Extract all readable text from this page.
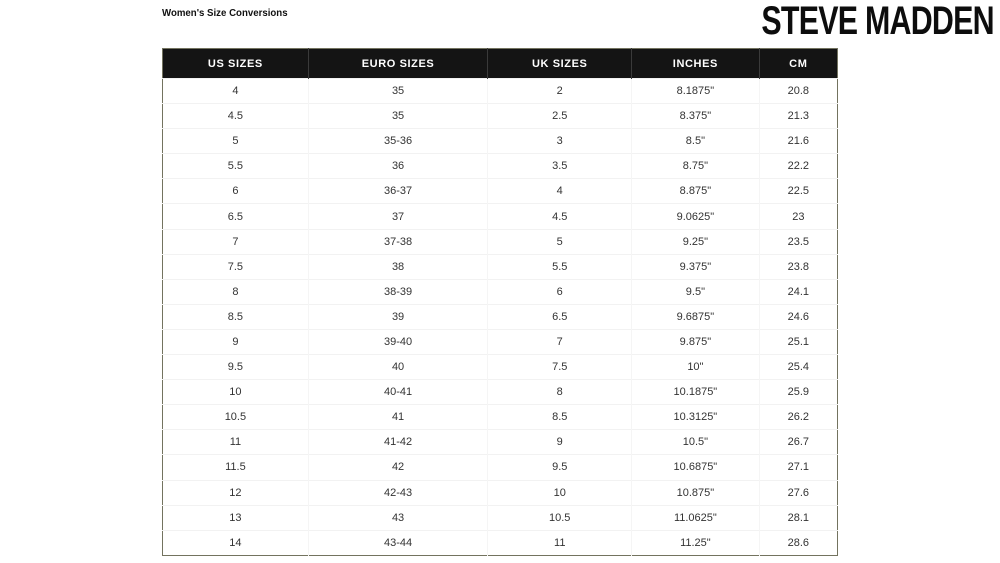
Women's Size Conversions	STEVE MADDEN
US SIZES	EURO SIZES	UK SIZES	INCHES	CM
4	35	2	8.1875"	20.8
4.5	35	2.5	8.375"	21.3
5	35-36	3	8.5"	21.6
5.5	36	3.5	8.75"	22.2
6	36-37	4	8.875"	22.5
6.5	37	4.5	9.0625"	23
7	37-38	5	9.25"	23.5
7.5	38	5.5	9.375"	23.8
8	38-39	6	9.5"	24.1
8.5	39	6.5	9.6875"	24.6
9	39-40	7	9.875"	25.1
9.5	40	7.5	10"	25.4
10	40-41	8	10.1875"	25.9
10.5	41	8.5	10.3125"	26.2
11	41-42	9	10.5"	26.7
11.5	42	9.5	10.6875"	27.1
12	42-43	10	10.875"	27.6
13	43	10.5	11.0625"	28.1
14	43-44	11	11.25"	28.6
